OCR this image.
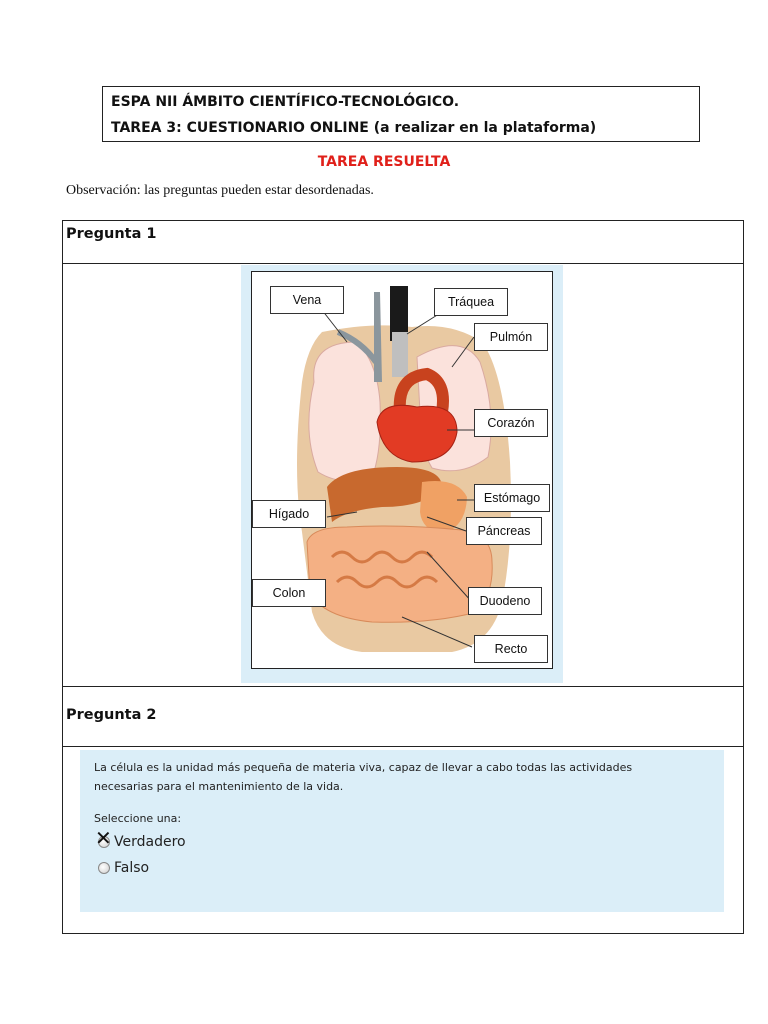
ESPA NII ÁMBITO CIENTÍFICO-TECNOLÓGICO.
TAREA 3: CUESTIONARIO ONLINE (a realizar en la plataforma)
TAREA RESUELTA
Observación: las preguntas pueden estar desordenadas.
Pregunta 1
Vena	Tráquea
Pulmón
Corazón
Estómago
Hígado
Páncreas
Colon
Duodeno
Recto
Pregunta 2
La célula es la unidad más pequeña de materia viva, capaz de llevar a cabo todas las actividades necesarias para el mantenimiento de la vida.
Seleccione una:
✕ Verdadero
Falso
